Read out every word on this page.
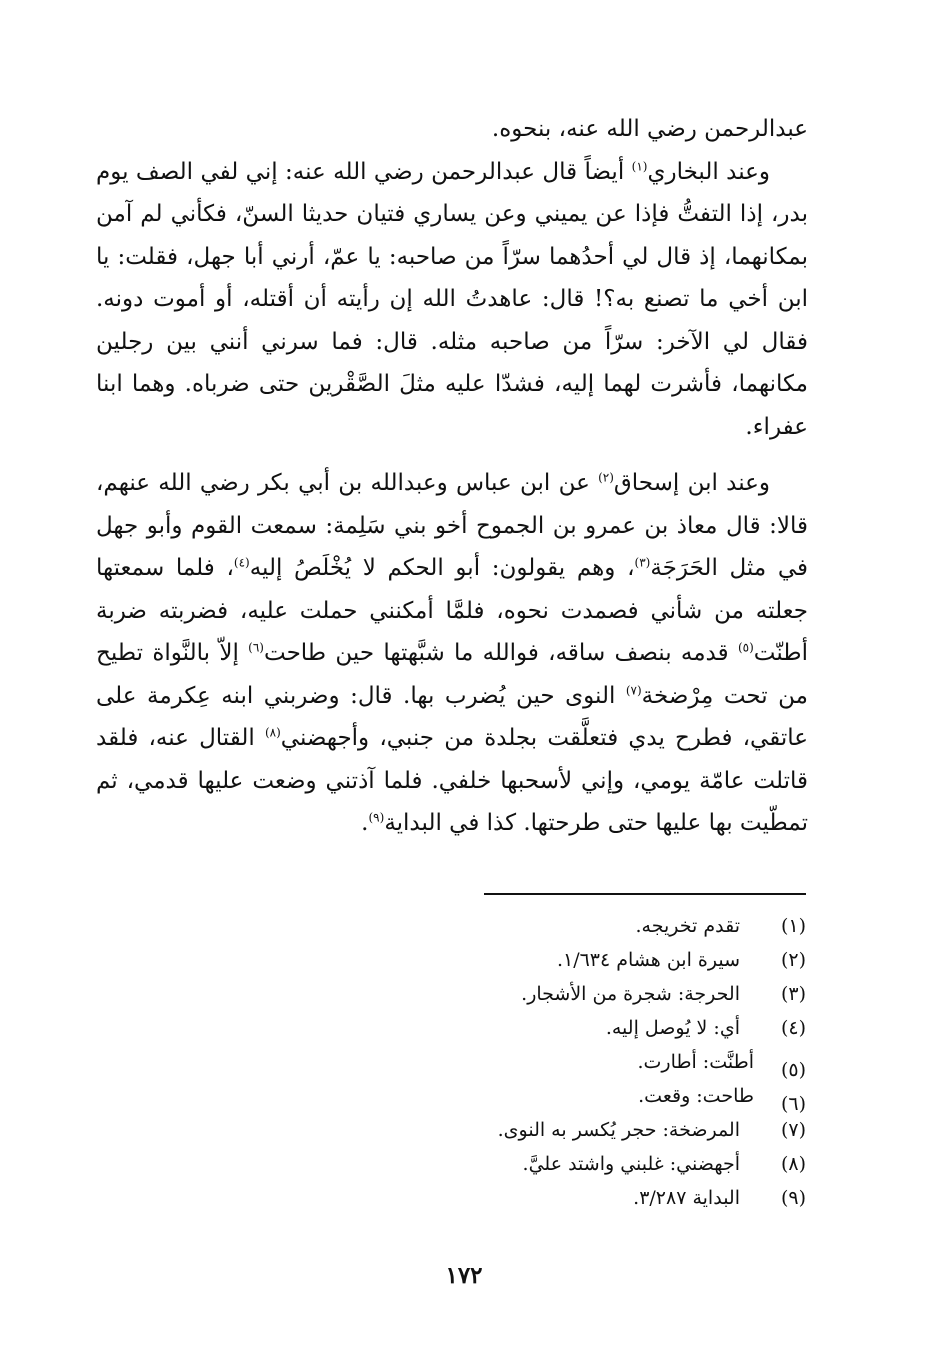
عبدالرحمن رضي الله عنه، بنحوه.

وعند البخاري$^{(١)}$ أيضاً قال عبدالرحمن رضي الله عنه: إني لفي الصف يوم بدر، إذا التفتُّ فإذا عن يميني وعن يساري فتيان حديثا السنّ، فكأني لم آمن بمكانهما، إذ قال لي أحدُهما سرّاً من صاحبه: يا عمّ، أرني أبا جهل، فقلت: يا ابن أخي ما تصنع به؟! قال: عاهدتُ الله إن رأيته أن أقتله، أو أموت دونه. فقال لي الآخر: سرّاً من صاحبه مثله. قال: فما سرني أنني بين رجلين مكانهما، فأشرت لهما إليه، فشدّا عليه مثلَ الصَّقْرين حتى ضرباه. وهما ابنا عفراء.

وعند ابن إسحاق$^{(٢)}$ عن ابن عباس وعبدالله بن أبي بكر رضي الله عنهم، قالا: قال معاذ بن عمرو بن الجموح أخو بني سَلِمة: سمعت القوم وأبو جهل في مثل الحَرَجَة$^{(٣)}$، وهم يقولون: أبو الحكم لا يُخْلَصُ إليه$^{(٤)}$، فلما سمعتها جعلته من شأني فصمدت نحوه، فلمَّا أمكنني حملت عليه، فضربته ضربة أطنّت$^{(٥)}$ قدمه بنصف ساقه، فوالله ما شبَّهتها حين طاحت$^{(٦)}$ إلاّ بالنَّواة تطيح من تحت مِرْضخة$^{(٧)}$ النوى حين يُضرب بها. قال: وضربني ابنه عِكرمة على عاتقي، فطرح يدي فتعلَّقت بجلدة من جنبي، وأجهضني$^{(٨)}$ القتال عنه، فلقد قاتلت عامّة يومي، وإني لأسحبها خلفي. فلما آذتني وضعت عليها قدمي، ثم تمطّيت بها عليها حتى طرحتها. كذا في البداية$^{(٩)}$.

(١)
تقدم تخريجه.
(٢)
سيرة ابن هشام ١/٦٣٤.
(٣)
الحرجة: شجرة من الأشجار.
(٤)
أي: لا يُوصل إليه.
(٥)
أطنَّت: أطارت.
(٦)
طاحت: وقعت.
(٧)
المرضخة: حجر يُكسر به النوى.
(٨)
أجهضني: غلبني واشتد عليَّ.
(٩)
البداية ٣/٢٨٧.
١٧٢
